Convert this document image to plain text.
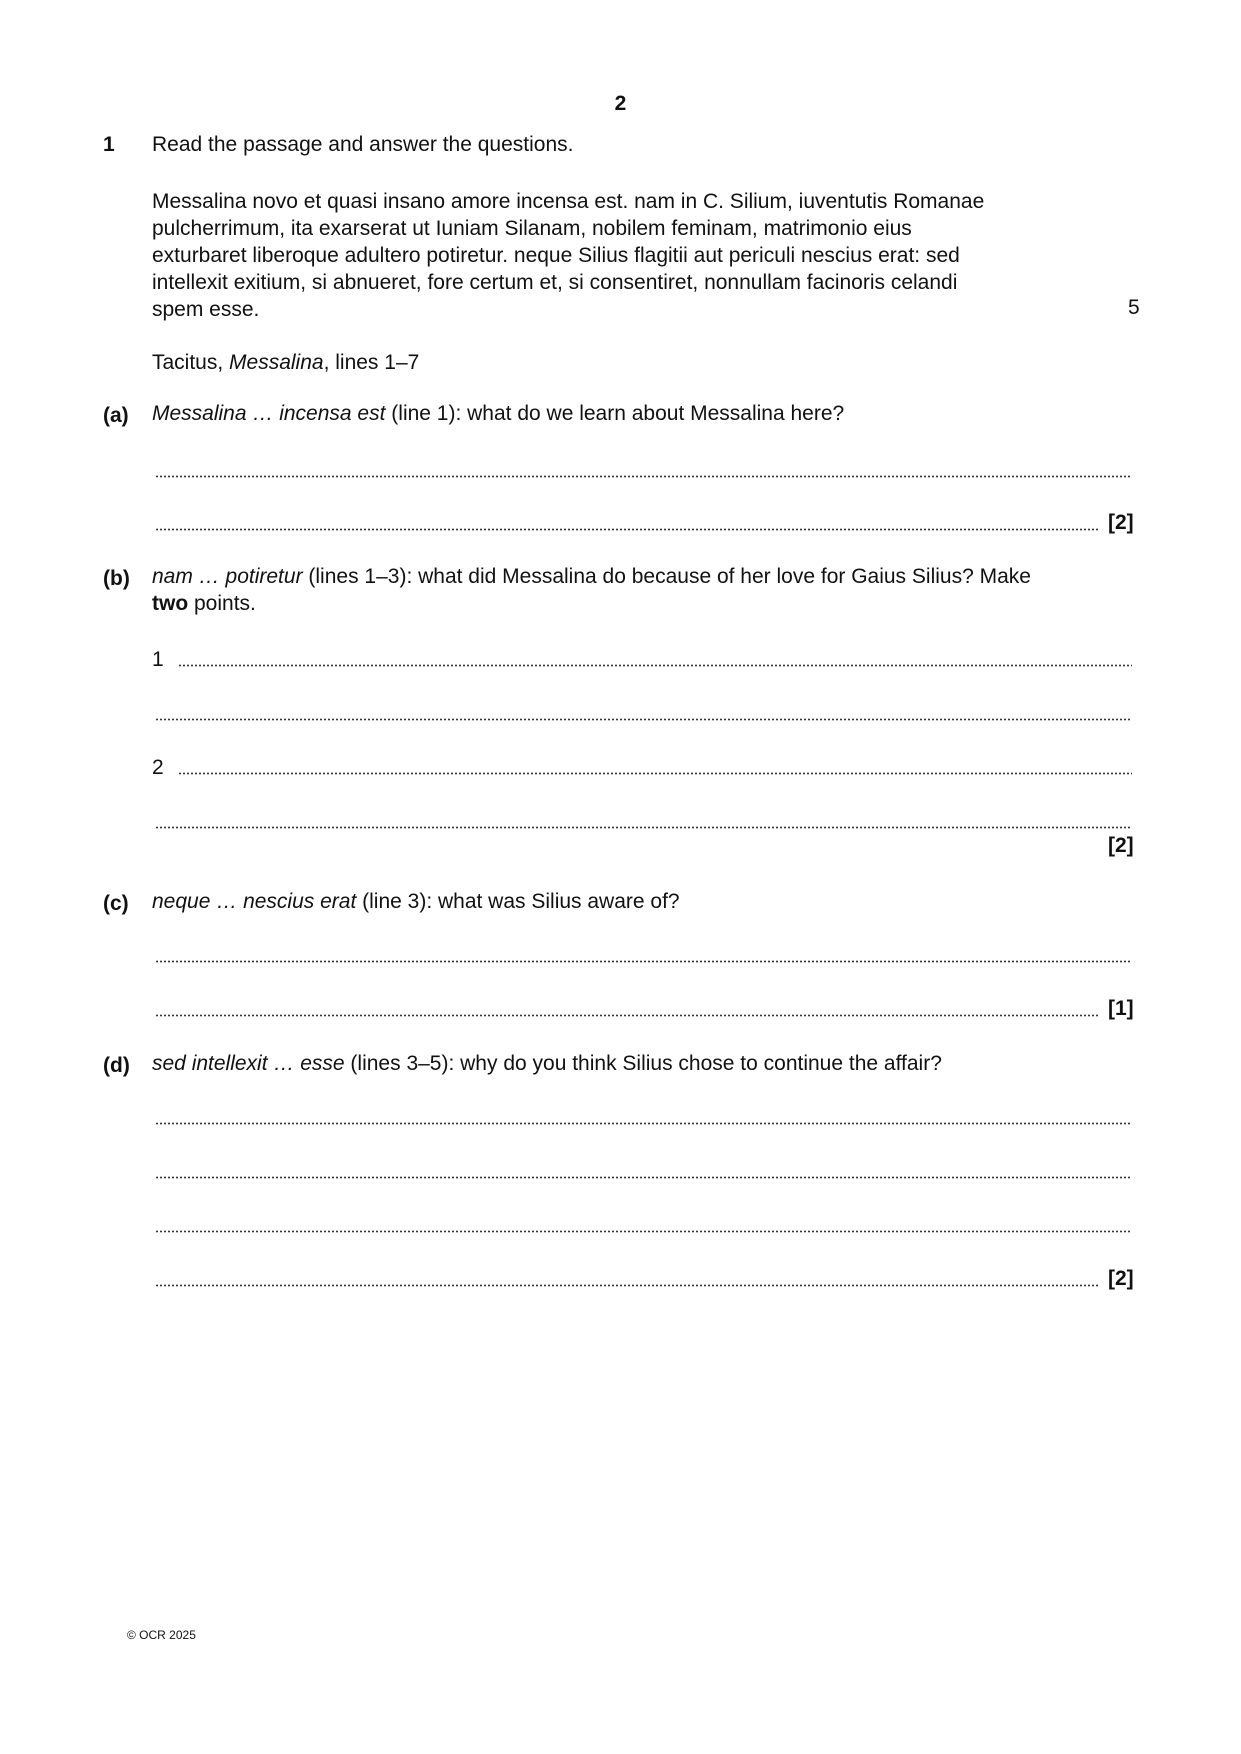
2
1 Read the passage and answer the questions.
Messalina novo et quasi insano amore incensa est. nam in C. Silium, iuventutis Romanae
pulcherrimum, ita exarserat ut Iuniam Silanam, nobilem feminam, matrimonio eius
exturbaret liberoque adultero potiretur. neque Silius flagitii aut periculi nescius erat: sed
intellexit exitium, si abnueret, fore certum et, si consentiret, nonnullam facinoris celandi
spem esse.	5
Tacitus, Messalina, lines 1–7
(a) Messalina … incensa est (line 1): what do we learn about Messalina here?
[2]
(b) nam … potiretur (lines 1–3): what did Messalina do because of her love for Gaius Silius? Make
two points.
1
2
[2]
(c) neque … nescius erat (line 3): what was Silius aware of?
[1]
(d) sed intellexit … esse (lines 3–5): why do you think Silius chose to continue the affair?
[2]
© OCR 2025
